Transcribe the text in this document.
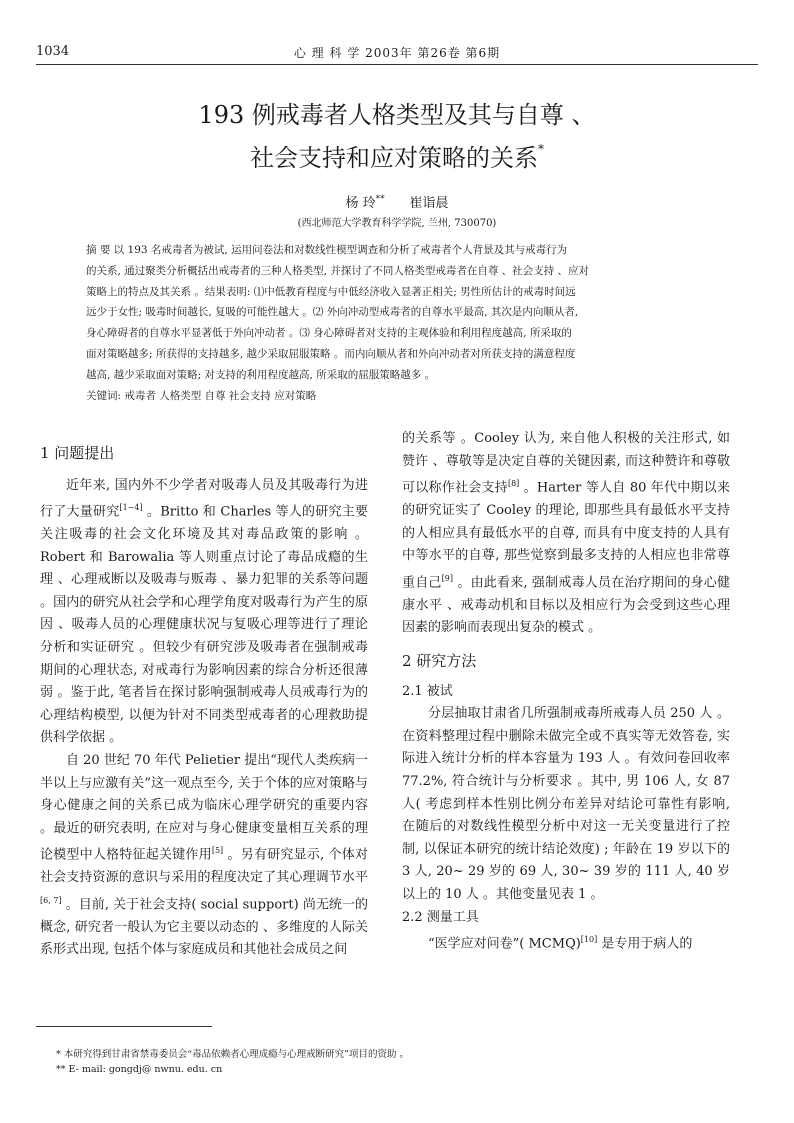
1034	心 理 科 学 2003年 第26卷 第6期
193 例戒毒者人格类型及其与自尊 、
社会支持和应对策略的关系*
杨 玲** 崔诣晨
(西北师范大学教育科学学院, 兰州, 730070)

摘 要 以 193 名戒毒者为被试, 运用问卷法和对数线性模型调查和分析了戒毒者个人背景及其与戒毒行为

的关系, 通过聚类分析概括出戒毒者的三种人格类型, 并探讨了不同人格类型戒毒者在自尊 、社会支持 、应对

策略上的特点及其关系 。结果表明: ⑴中低教育程度与中低经济收入显著正相关; 男性所估计的戒毒时间远

远少于女性; 吸毒时间越长, 复吸的可能性越大 。⑵ 外向冲动型戒毒者的自尊水平最高, 其次是内向顺从者,

身心障碍者的自尊水平显著低于外向冲动者 。⑶ 身心障碍者对支持的主观体验和利用程度越高, 所采取的

面对策略越多; 所获得的支持越多, 越少采取屈服策略 。而内向顺从者和外向冲动者对所获支持的满意程度

越高, 越少采取面对策略; 对支持的利用程度越高, 所采取的屈服策略越多 。

关键词: 戒毒者 人格类型 自尊 社会支持 应对策略

1 问题提出

近年来, 国内外不少学者对吸毒人员及其吸毒行为进行了大量研究[1~4] 。Britto 和 Charles 等人的研究主要关注吸毒的社会文化环境及其对毒品政策的影响 。Robert 和 Barowalia 等人则重点讨论了毒品成瘾的生理 、心理戒断以及吸毒与贩毒 、暴力犯罪的关系等问题 。国内的研究从社会学和心理学角度对吸毒行为产生的原因 、吸毒人员的心理健康状况与复吸心理等进行了理论分析和实证研究 。但较少有研究涉及吸毒者在强制戒毒期间的心理状态, 对戒毒行为影响因素的综合分析还很薄弱 。鉴于此, 笔者旨在探讨影响强制戒毒人员戒毒行为的心理结构模型, 以便为针对不同类型戒毒者的心理救助提供科学依据 。

自 20 世纪 70 年代 Pelietier 提出“现代人类疾病一半以上与应激有关”这一观点至今, 关于个体的应对策略与身心健康之间的关系已成为临床心理学研究的重要内容 。最近的研究表明, 在应对与身心健康变量相互关系的理论模型中人格特征起关键作用[5] 。另有研究显示, 个体对社会支持资源的意识与采用的程度决定了其心理调节水平[6, 7] 。目前, 关于社会支持( social support) 尚无统一的概念, 研究者一般认为它主要以动态的 、多维度的人际关系形式出现, 包括个体与家庭成员和其他社会成员之间

的关系等 。Cooley 认为, 来自他人积极的关注形式, 如赞许 、尊敬等是决定自尊的关键因素, 而这种赞许和尊敬可以称作社会支持[8] 。Harter 等人自 80 年代中期以来的研究证实了 Cooley 的理论, 即那些具有最低水平支持的人相应具有最低水平的自尊, 而具有中度支持的人具有中等水平的自尊, 那些觉察到最多支持的人相应也非常尊重自己[9] 。由此看来, 强制戒毒人员在治疗期间的身心健康水平 、戒毒动机和目标以及相应行为会受到这些心理因素的影响而表现出复杂的模式 。

2 研究方法

2.1 被试

分层抽取甘肃省几所强制戒毒所戒毒人员 250 人 。在资料整理过程中删除未做完全或不真实等无效答卷, 实际进入统计分析的样本容量为 193 人 。有效问卷回收率 77.2%, 符合统计与分析要求 。其中, 男 106 人, 女 87 人( 考虑到样本性别比例分布差异对结论可靠性有影响, 在随后的对数线性模型分析中对这一无关变量进行了控制, 以保证本研究的统计结论效度) ; 年龄在 19 岁以下的 3 人, 20~ 29 岁的 69 人, 30~ 39 岁的 111 人, 40 岁以上的 10 人 。其他变量见表 1 。

2.2 测量工具

“医学应对问卷”( MCMQ)[10] 是专用于病人的

* 本研究得到甘肃省禁毒委员会“毒品依赖者心理成瘾与心理戒断研究”项目的资助 。
** E- mail: gongdj@ nwnu. edu. cn
